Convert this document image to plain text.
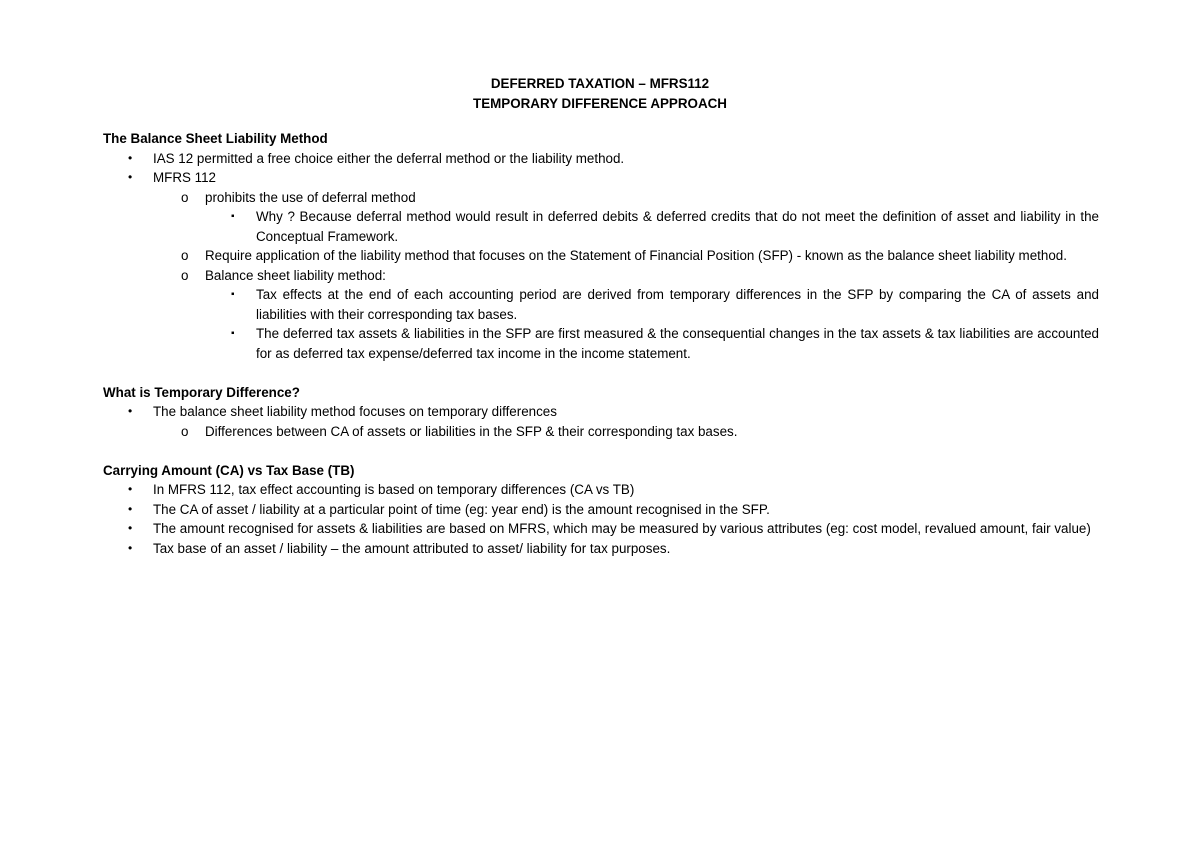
DEFERRED TAXATION – MFRS112
TEMPORARY DIFFERENCE APPROACH
The Balance Sheet Liability Method
• IAS 12 permitted a free choice either the deferral method or the liability method.
• MFRS 112
o prohibits the use of deferral method
▪ Why ? Because deferral method would result in deferred debits & deferred credits that do not meet the definition of asset and liability in the Conceptual Framework.
o Require application of the liability method that focuses on the Statement of Financial Position (SFP) - known as the balance sheet liability method.
o Balance sheet liability method:
▪ Tax effects at the end of each accounting period are derived from temporary differences in the SFP by comparing the CA of assets and liabilities with their corresponding tax bases.
▪ The deferred tax assets & liabilities in the SFP are first measured & the consequential changes in the tax assets & tax liabilities are accounted for as deferred tax expense/deferred tax income in the income statement.
What is Temporary Difference?
• The balance sheet liability method focuses on temporary differences
o Differences between CA of assets or liabilities in the SFP & their corresponding tax bases.
Carrying Amount (CA) vs Tax Base (TB)
• In MFRS 112, tax effect accounting is based on temporary differences (CA vs TB)
• The CA of asset / liability at a particular point of time (eg: year end) is the amount recognised in the SFP.
• The amount recognised for assets & liabilities are based on MFRS, which may be measured by various attributes (eg: cost model, revalued amount, fair value)
• Tax base of an asset / liability – the amount attributed to asset/ liability for tax purposes.
